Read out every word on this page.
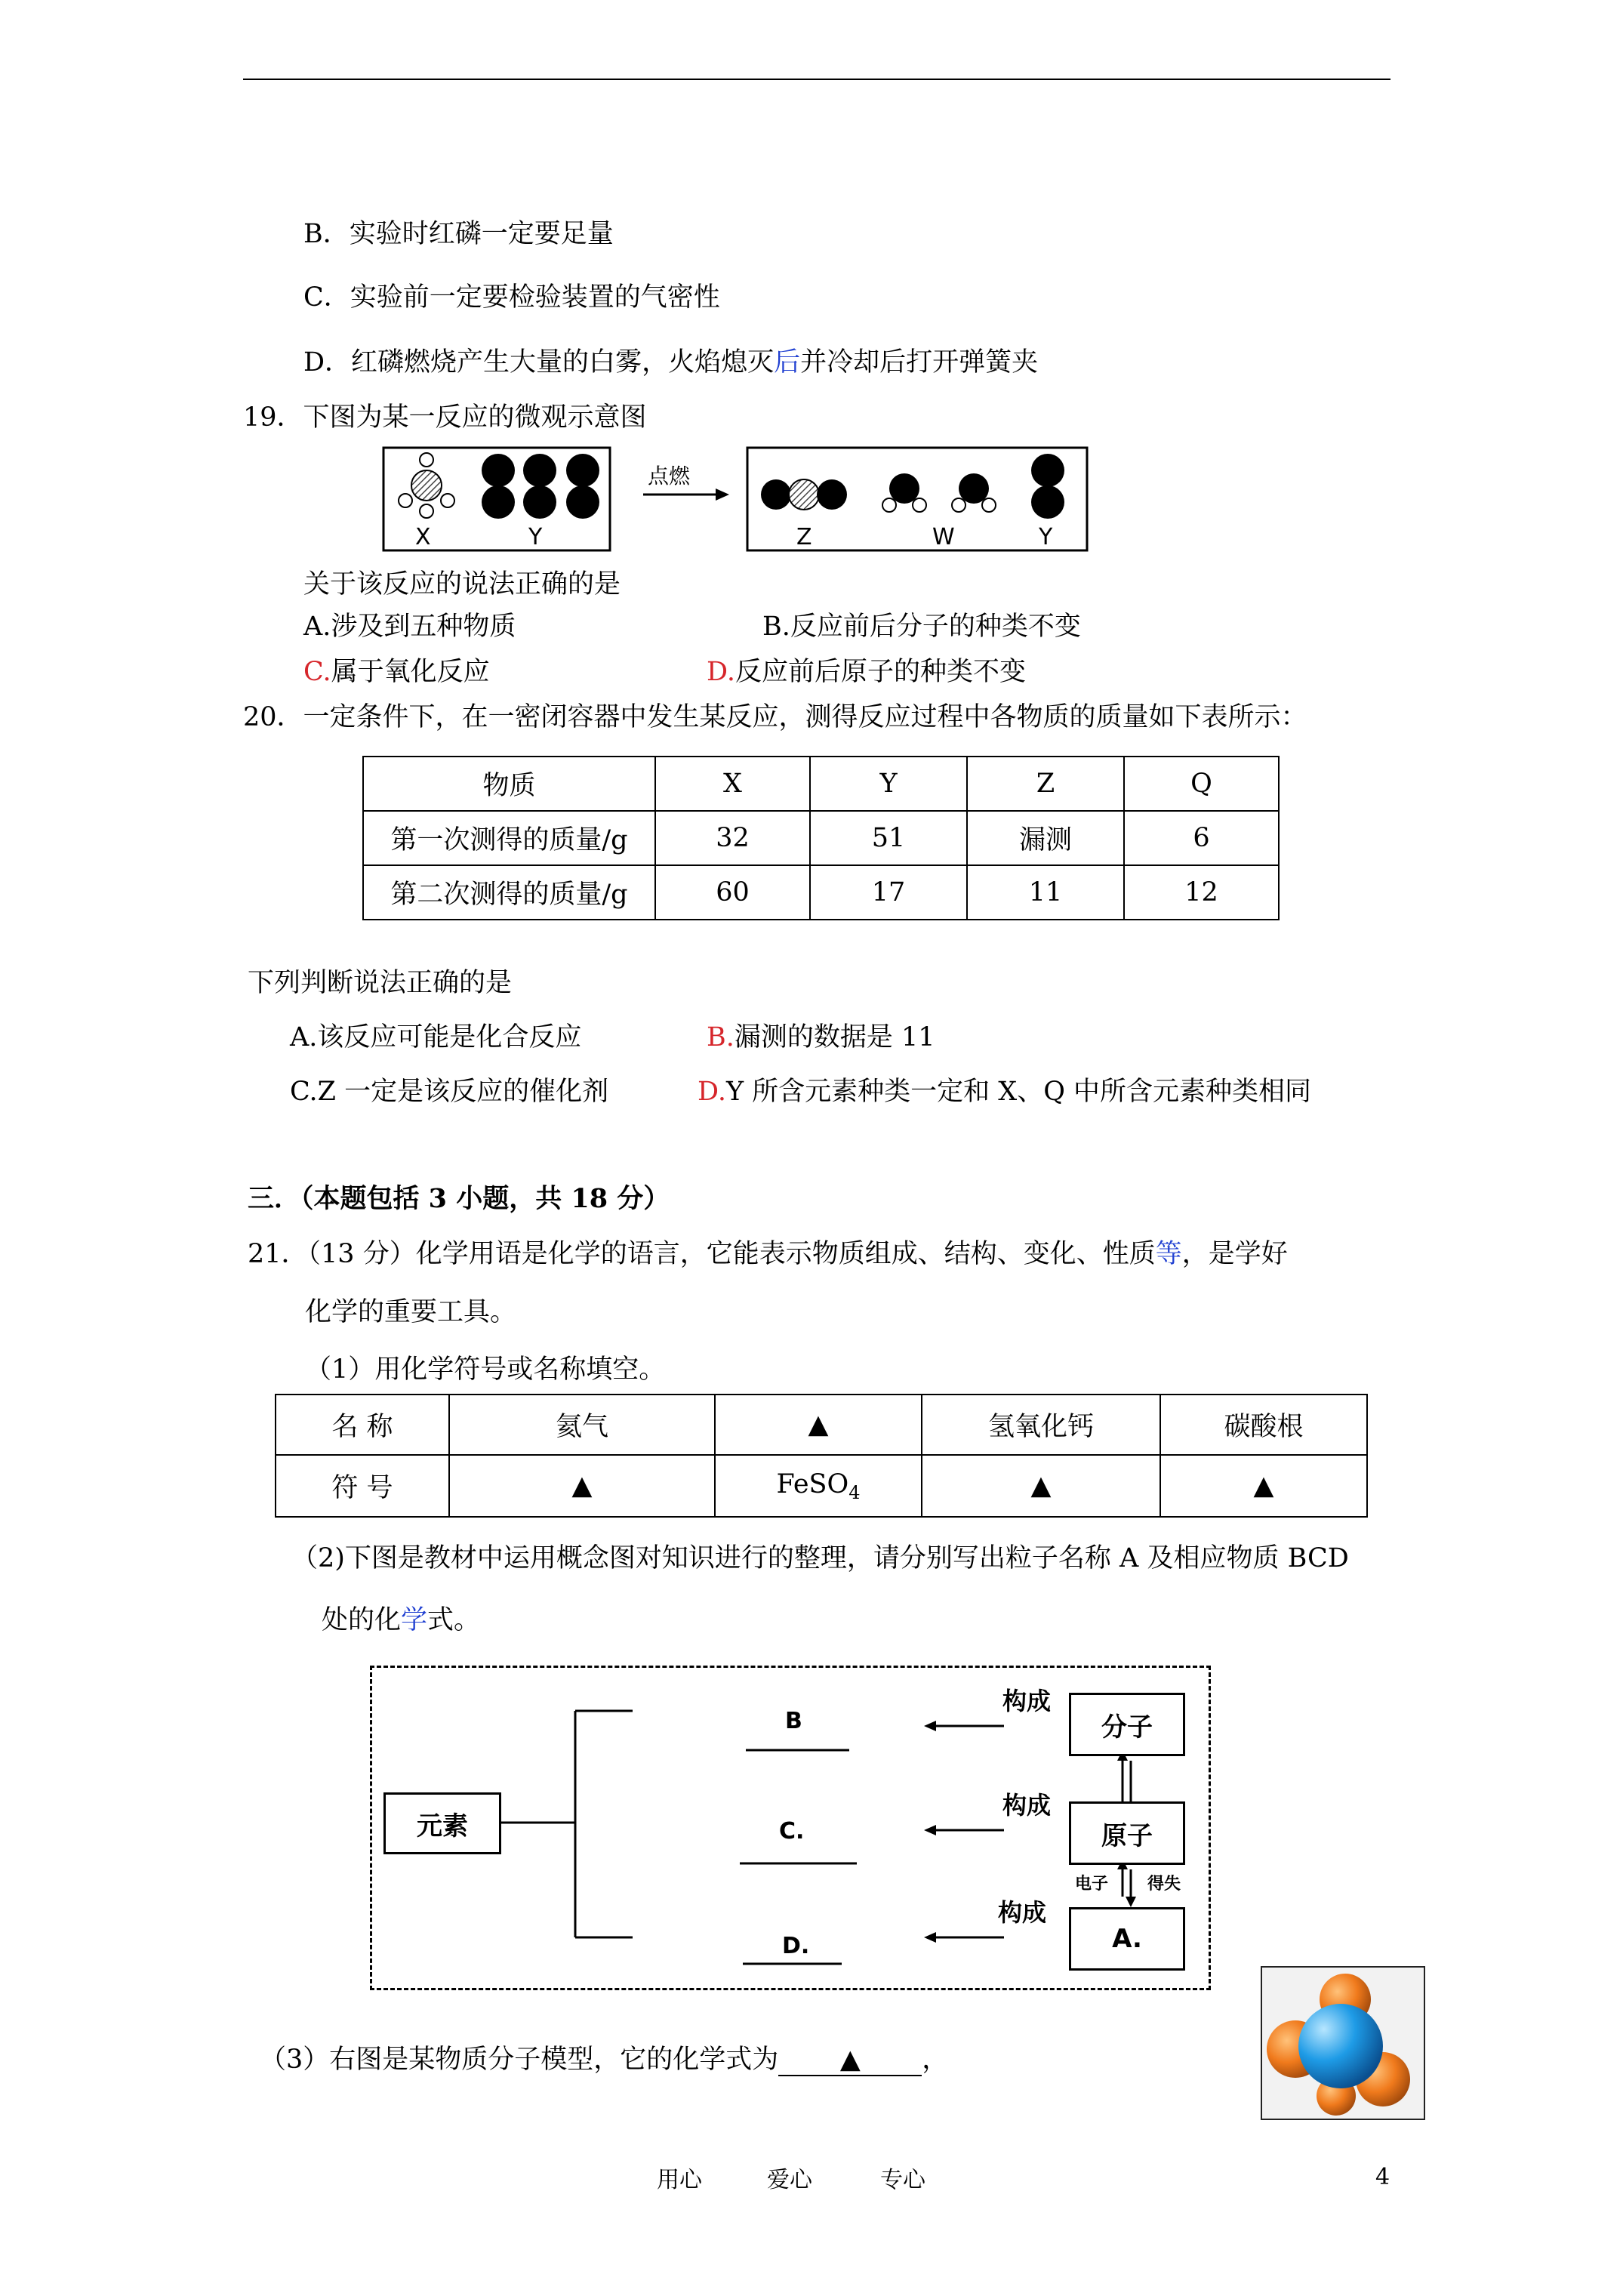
B．实验时红磷一定要足量
C．实验前一定要检验装置的气密性
D．红磷燃烧产生大量的白雾，火焰熄灭后并冷却后打开弹簧夹
19．下图为某一反应的微观示意图
X	Y
点燃
Z	W	Y
关于该反应的说法正确的是
A.涉及到五种物质	B.反应前后分子的种类不变
C.属于氧化反应	D.反应前后原子的种类不变
20．一定条件下，在一密闭容器中发生某反应，测得反应过程中各物质的质量如下表所示：
物质	X	Y	Z	Q
第一次测得的质量/g	32	51	漏测	6
第二次测得的质量/g	60	17	11	12
下列判断说法正确的是
A.该反应可能是化合反应	B.漏测的数据是 11
C.Z 一定是该反应的催化剂	D.Y 所含元素种类一定和 X、Q 中所含元素种类相同
三．（本题包括 3 小题，共 18 分）
21．（13 分）化学用语是化学的语言，它能表示物质组成、结构、变化、性质等，是学好
化学的重要工具。
（1）用化学符号或名称填空。
名 称	氦气	▲	氢氧化钙	碳酸根
符 号	▲	FeSO$_4$	▲	▲
（2)下图是教材中运用概念图对知识进行的整理，请分别写出粒子名称 A 及相应物质 BCD
处的化学式。
元素
分子
原子
A.
B
C.
D.
构成
构成
构成
电子 得失
（3）右图是某物质分子模型，它的化学式为 ▲ ，
用心	爱心	专心	4
